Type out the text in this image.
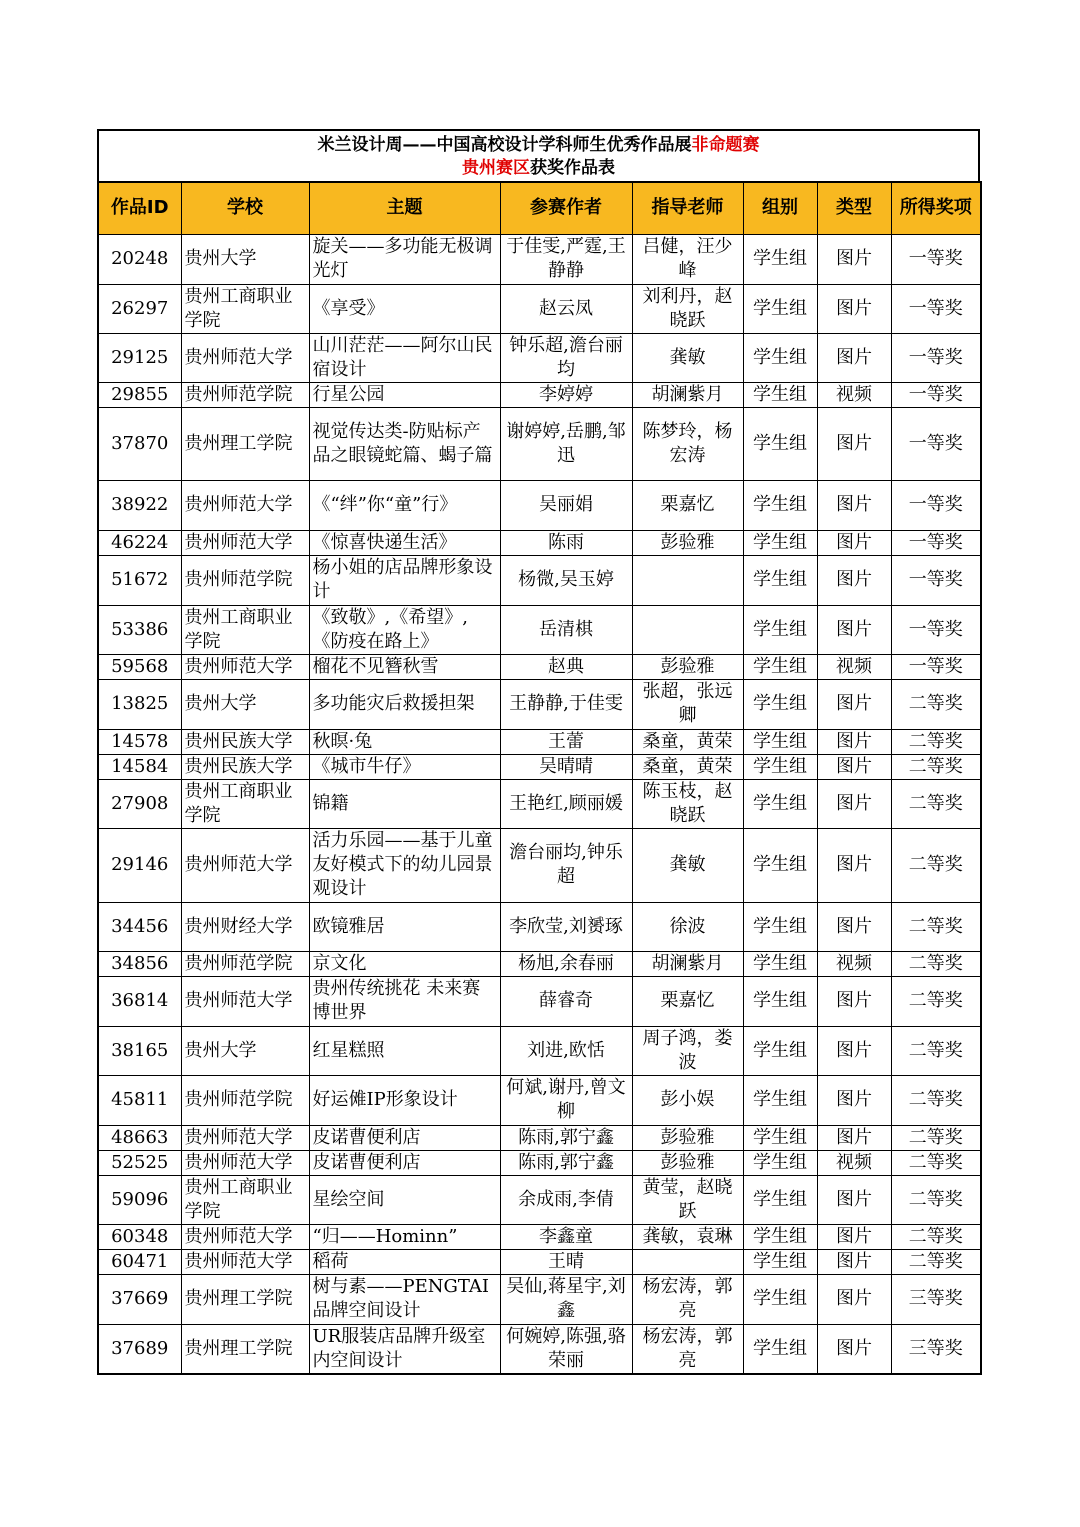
米兰设计周——中国高校设计学科师生优秀作品展非命题赛
贵州赛区获奖作品表
作品ID	学校	主题	参赛作者	指导老师	组别	类型	所得奖项
20248	贵州大学	旋关——多功能无极调光灯	于佳雯,严霆,王静静	吕健，汪少峰	学生组	图片	一等奖
26297	贵州工商职业学院	《享受》	赵云凤	刘利丹，赵晓跃	学生组	图片	一等奖
29125	贵州师范大学	山川茫茫——阿尔山民宿设计	钟乐超,澹台丽均	龚敏	学生组	图片	一等奖
29855	贵州师范学院	行星公园	李婷婷	胡澜紫月	学生组	视频	一等奖
37870	贵州理工学院	视觉传达类-防贴标产品之眼镜蛇篇、蝎子篇	谢婷婷,岳鹏,邹迅	陈梦玲，杨宏涛	学生组	图片	一等奖
38922	贵州师范大学	《“绊”你“童”行》	吴丽娟	栗嘉忆	学生组	图片	一等奖
46224	贵州师范大学	《惊喜快递生活》	陈雨	彭验雅	学生组	图片	一等奖
51672	贵州师范学院	杨小姐的店品牌形象设计	杨微,吴玉婷		学生组	图片	一等奖
53386	贵州工商职业学院	《致敬》,《希望》,《防疫在路上》	岳清棋		学生组	图片	一等奖
59568	贵州师范大学	榴花不见簪秋雪	赵典	彭验雅	学生组	视频	一等奖
13825	贵州大学	多功能灾后救援担架	王静静,于佳雯	张超，张远卿	学生组	图片	二等奖
14578	贵州民族大学	秋暝·兔	王蕾	桑童，黄荣	学生组	图片	二等奖
14584	贵州民族大学	《城市牛仔》	吴晴晴	桑童，黄荣	学生组	图片	二等奖
27908	贵州工商职业学院	锦籍	王艳红,顾丽媛	陈玉枝，赵晓跃	学生组	图片	二等奖
29146	贵州师范大学	活力乐园——基于儿童友好模式下的幼儿园景观设计	澹台丽均,钟乐超	龚敏	学生组	图片	二等奖
34456	贵州财经大学	欧镜雅居	李欣莹,刘赟琢	徐波	学生组	图片	二等奖
34856	贵州师范学院	京文化	杨旭,余春丽	胡澜紫月	学生组	视频	二等奖
36814	贵州师范大学	贵州传统挑花 未来赛博世界	薛睿奇	栗嘉忆	学生组	图片	二等奖
38165	贵州大学	红星糕照	刘进,欧恬	周子鸿，娄波	学生组	图片	二等奖
45811	贵州师范学院	好运傩IP形象设计	何斌,谢丹,曾文柳	彭小娱	学生组	图片	二等奖
48663	贵州师范大学	皮诺曹便利店	陈雨,郭宁鑫	彭验雅	学生组	图片	二等奖
52525	贵州师范大学	皮诺曹便利店	陈雨,郭宁鑫	彭验雅	学生组	视频	二等奖
59096	贵州工商职业学院	星绘空间	余成雨,李倩	黄莹，赵晓跃	学生组	图片	二等奖
60348	贵州师范大学	“归——Hominn”	李鑫童	龚敏，袁琳	学生组	图片	二等奖
60471	贵州师范大学	稻荷	王晴		学生组	图片	二等奖
37669	贵州理工学院	树与素——PENGTAI品牌空间设计	吴仙,蒋星宇,刘鑫	杨宏涛，郭亮	学生组	图片	三等奖
37689	贵州理工学院	UR服装店品牌升级室内空间设计	何婉婷,陈强,骆荣丽	杨宏涛，郭亮	学生组	图片	三等奖
